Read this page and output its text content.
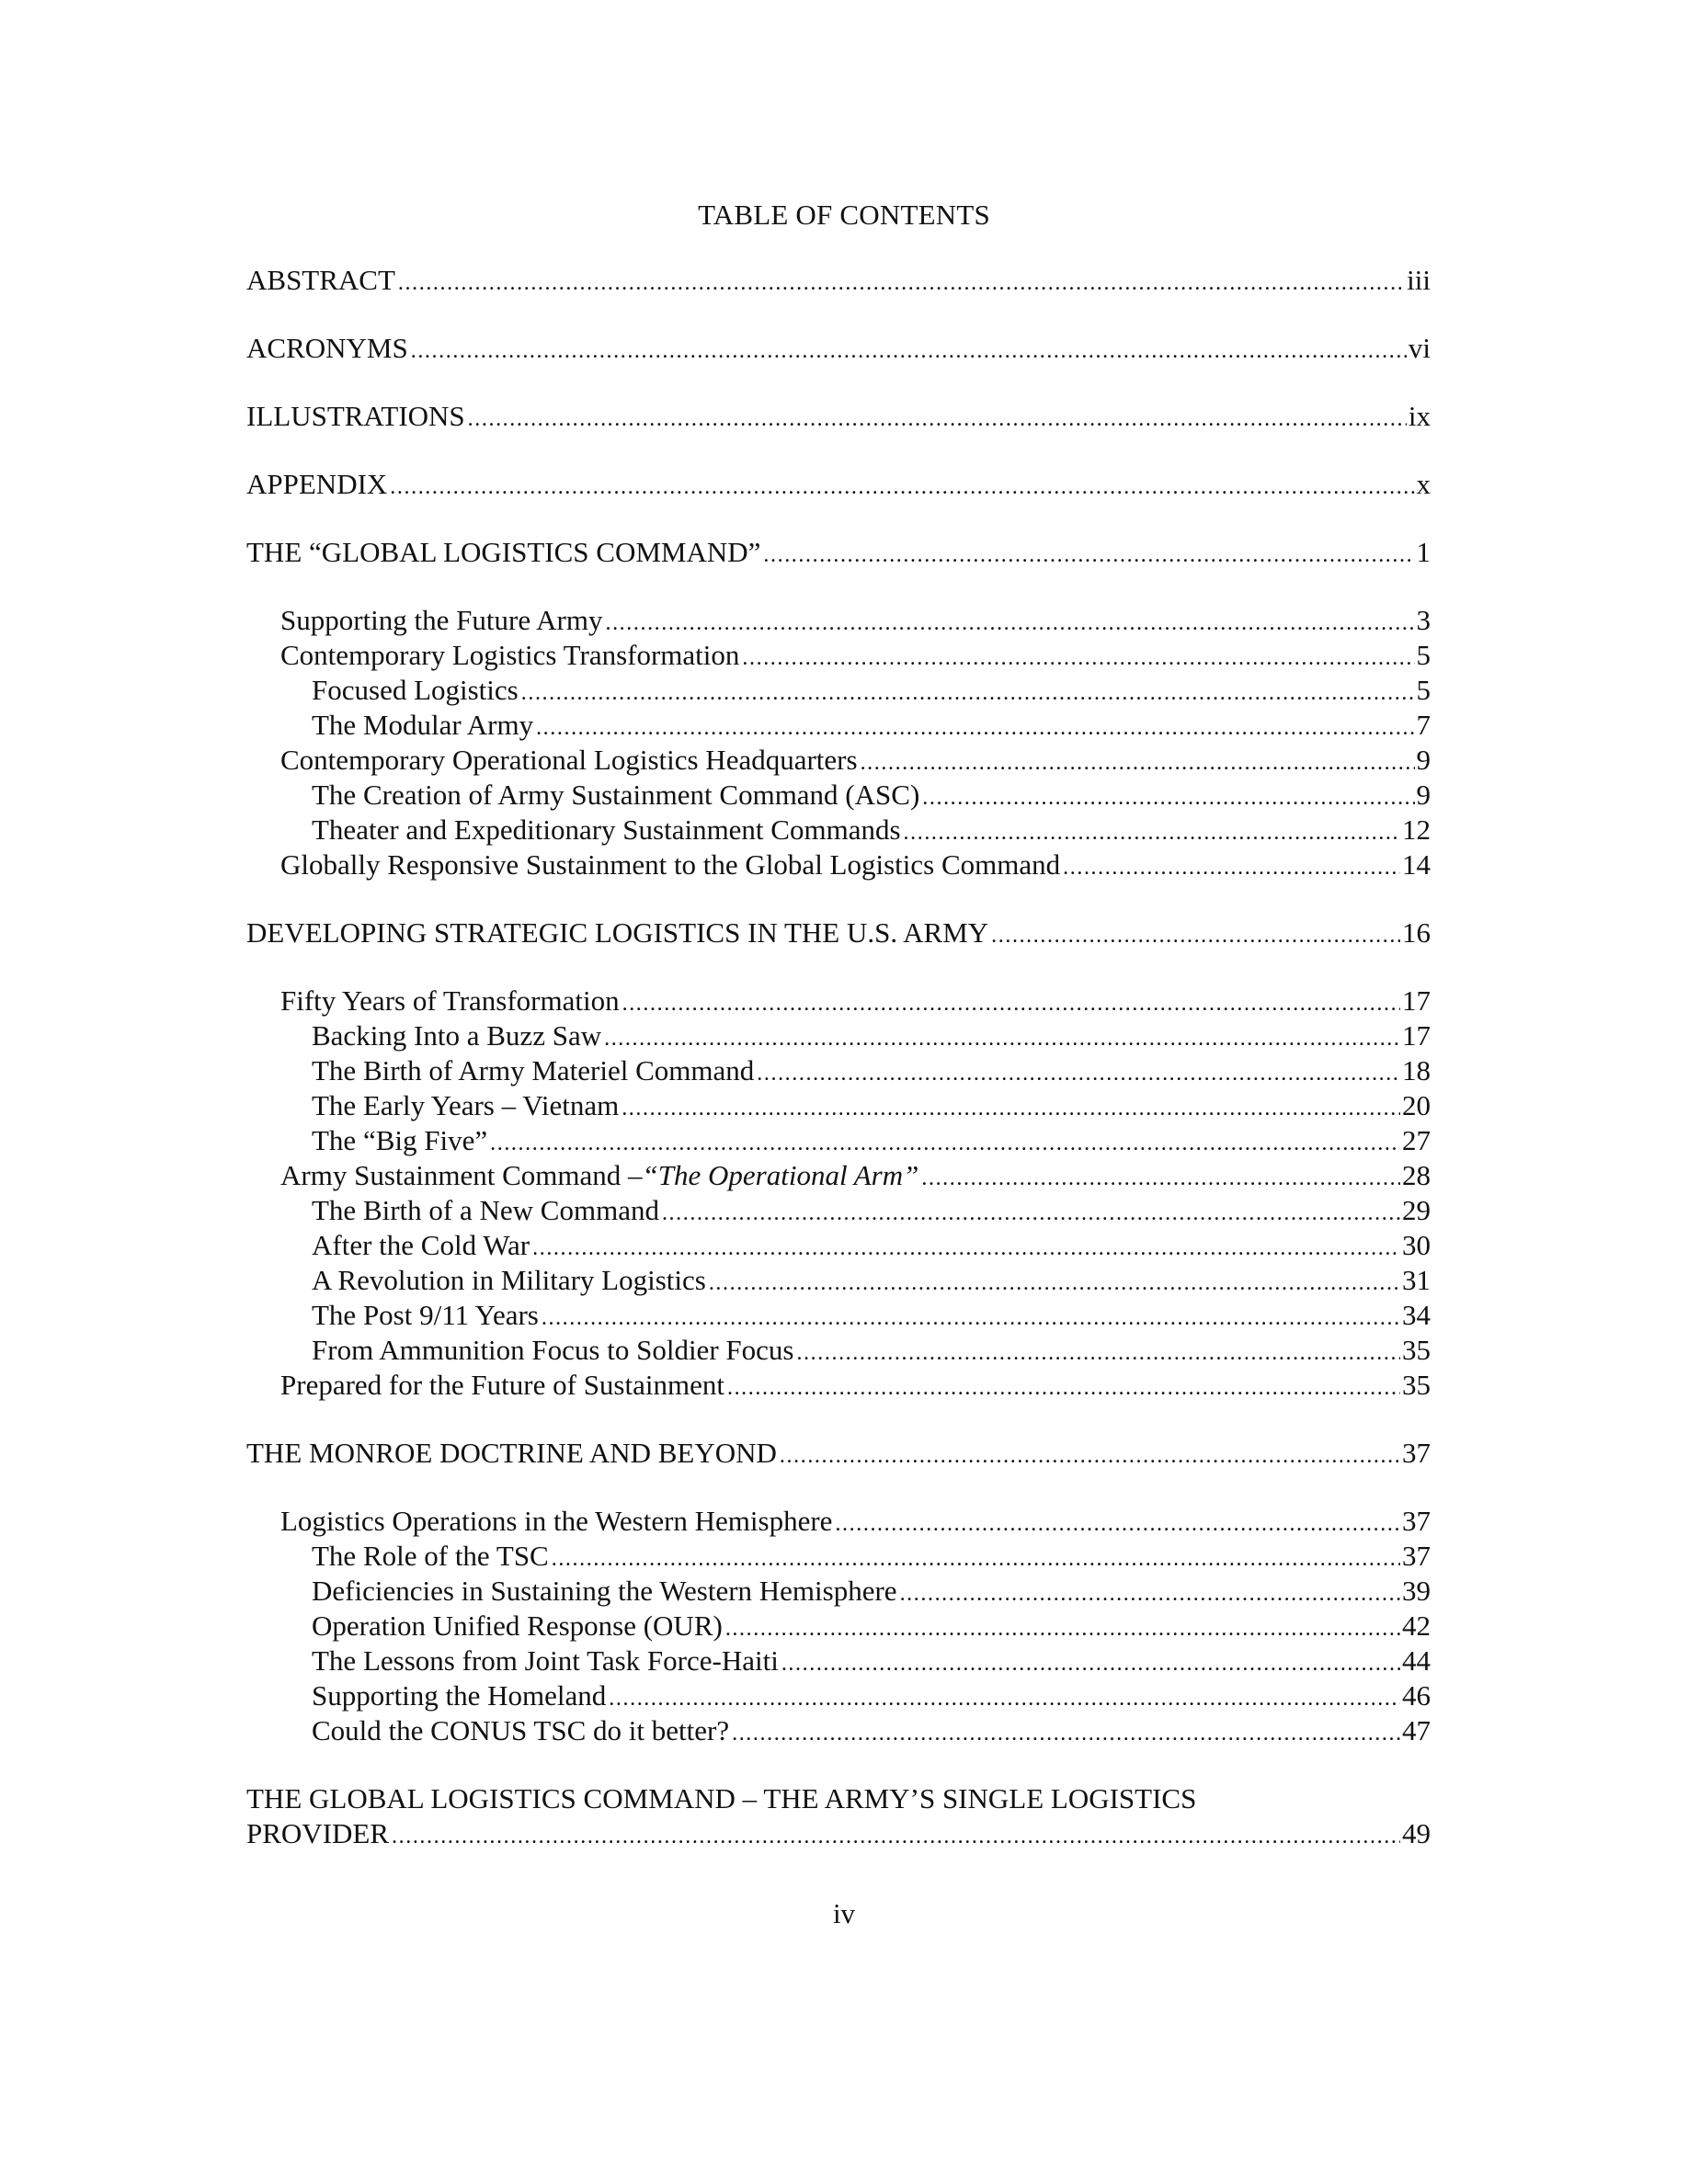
TABLE OF CONTENTS
ABSTRACT . . .	iii
ACRONYMS . . .	vi
ILLUSTRATIONS . . .	ix
APPENDIX . . .	x
THE “GLOBAL LOGISTICS COMMAND” . . .	1
Supporting the Future Army . . .	3
Contemporary Logistics Transformation . . .	5
Focused Logistics . . .	5
The Modular Army . . .	7
Contemporary Operational Logistics Headquarters . . .	9
The Creation of Army Sustainment Command (ASC) . . .	9
Theater and Expeditionary Sustainment Commands . . .	12
Globally Responsive Sustainment to the Global Logistics Command . . .	14
DEVELOPING STRATEGIC LOGISTICS IN THE U.S. ARMY . . .	16
Fifty Years of Transformation . . .	17
Backing Into a Buzz Saw . . .	17
The Birth of Army Materiel Command . . .	18
The Early Years – Vietnam . . .	20
The “Big Five” . . .	27
Army Sustainment Command – “The Operational Arm” . . .	28
The Birth of a New Command . . .	29
After the Cold War . . .	30
A Revolution in Military Logistics . . .	31
The Post 9/11 Years . . .	34
From Ammunition Focus to Soldier Focus . . .	35
Prepared for the Future of Sustainment . . .	35
THE MONROE DOCTRINE AND BEYOND . . .	37
Logistics Operations in the Western Hemisphere . . .	37
The Role of the TSC . . .	37
Deficiencies in Sustaining the Western Hemisphere . . .	39
Operation Unified Response (OUR) . . .	42
The Lessons from Joint Task Force-Haiti . . .	44
Supporting the Homeland . . .	46
Could the CONUS TSC do it better? . . .	47
THE GLOBAL LOGISTICS COMMAND – THE ARMY’S SINGLE LOGISTICS
PROVIDER . . .	49
iv
